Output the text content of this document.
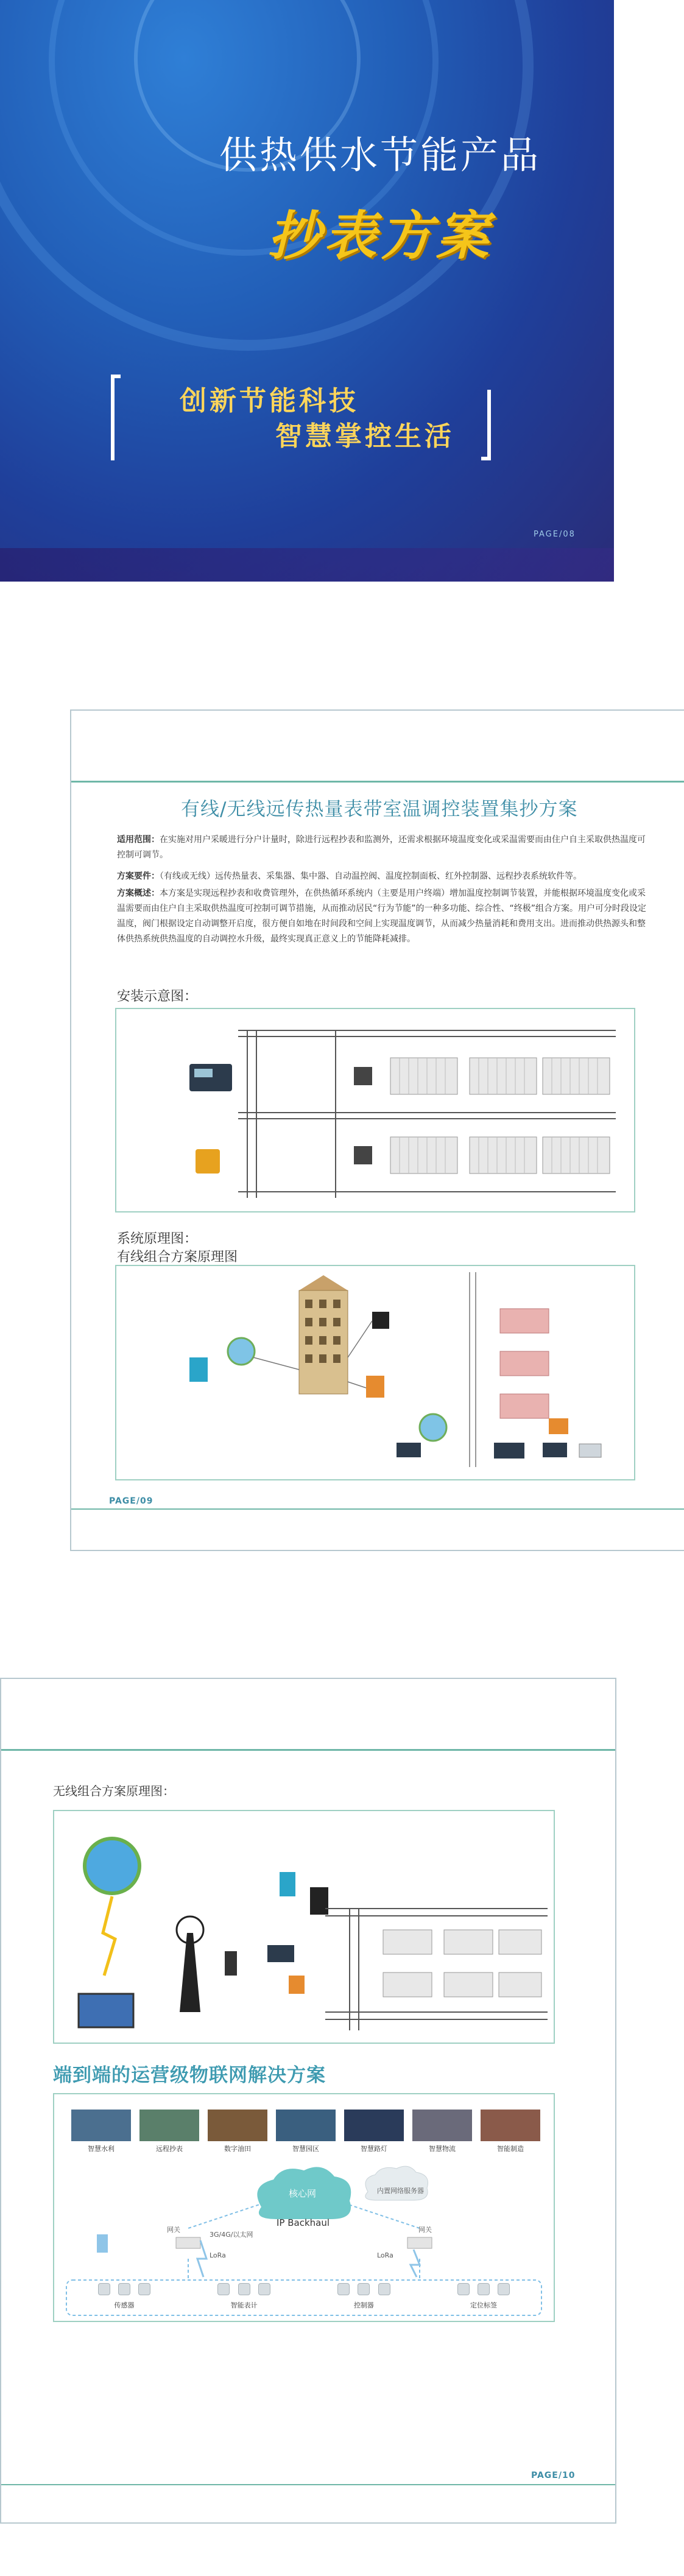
供热供水节能产品
抄表方案
创新节能科技
智慧掌控生活
PAGE/08
有线/无线远传热量表带室温调控装置集抄方案
适用范围：在实施对用户采暖进行分户计量时，除进行远程抄表和监测外，还需求根据环境温度变化或采温需要而由住户自主采取供热温度可控制可调节。
方案要件：（有线或无线）远传热量表、采集器、集中器、自动温控阀、温度控制面板、红外控制器、远程抄表系统软件等。
方案概述：本方案是实现远程抄表和收费管理外，在供热循环系统内（主要是用户终端）增加温度控制调节装置，并能根据环境温度变化或采温需要而由住户自主采取供热温度可控制可调节措施，从而推动居民“行为节能”的一种多功能、综合性、“终极”组合方案。用户可分时段设定温度，阀门根据设定自动调整开启度，很方便自如地在时间段和空间上实现温度调节，从而减少热量消耗和费用支出。进而推动供热源头和整体供热系统供热温度的自动调控水升级，最终实现真正意义上的节能降耗减排。
安装示意图：
系统原理图：
有线组合方案原理图
PAGE/09
无线组合方案原理图：
端到端的运营级物联网解决方案
智慧水利	远程抄表	数字油田	智慧园区	智慧路灯	智慧物流	智能制造
核心网	内置网络服务器
IP Backhaul
3G/4G/以太网
网关	网关
LoRa	LoRa
传感器	智能表计	控制器	定位标签
PAGE/10
